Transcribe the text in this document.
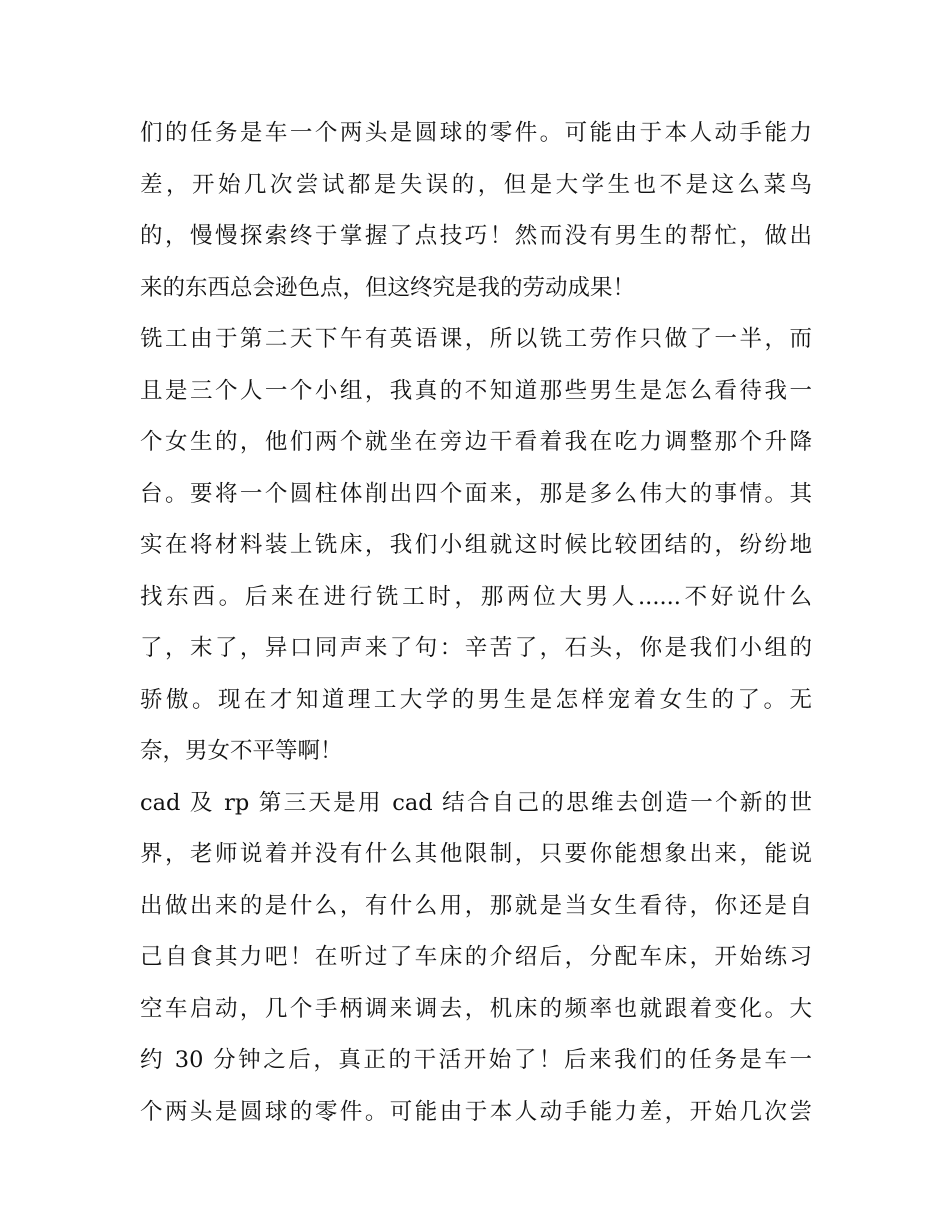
们的任务是车一个两头是圆球的零件。可能由于本人动手能力
差，开始几次尝试都是失误的，但是大学生也不是这么菜鸟
的，慢慢探索终于掌握了点技巧！然而没有男生的帮忙，做出
来的东西总会逊色点，但这终究是我的劳动成果！
铣工由于第二天下午有英语课，所以铣工劳作只做了一半，而
且是三个人一个小组，我真的不知道那些男生是怎么看待我一
个女生的，他们两个就坐在旁边干看着我在吃力调整那个升降
台。要将一个圆柱体削出四个面来，那是多么伟大的事情。其
实在将材料装上铣床，我们小组就这时候比较团结的，纷纷地
找东西。后来在进行铣工时，那两位大男人......不好说什么
了，末了，异口同声来了句：辛苦了，石头，你是我们小组的
骄傲。现在才知道理工大学的男生是怎样宠着女生的了。无
奈，男女不平等啊！
cad 及 rp 第三天是用 cad 结合自己的思维去创造一个新的世
界，老师说着并没有什么其他限制，只要你能想象出来，能说
出做出来的是什么，有什么用，那就是当女生看待，你还是自
己自食其力吧！在听过了车床的介绍后，分配车床，开始练习
空车启动，几个手柄调来调去，机床的频率也就跟着变化。大
约 30 分钟之后，真正的干活开始了！后来我们的任务是车一
个两头是圆球的零件。可能由于本人动手能力差，开始几次尝
